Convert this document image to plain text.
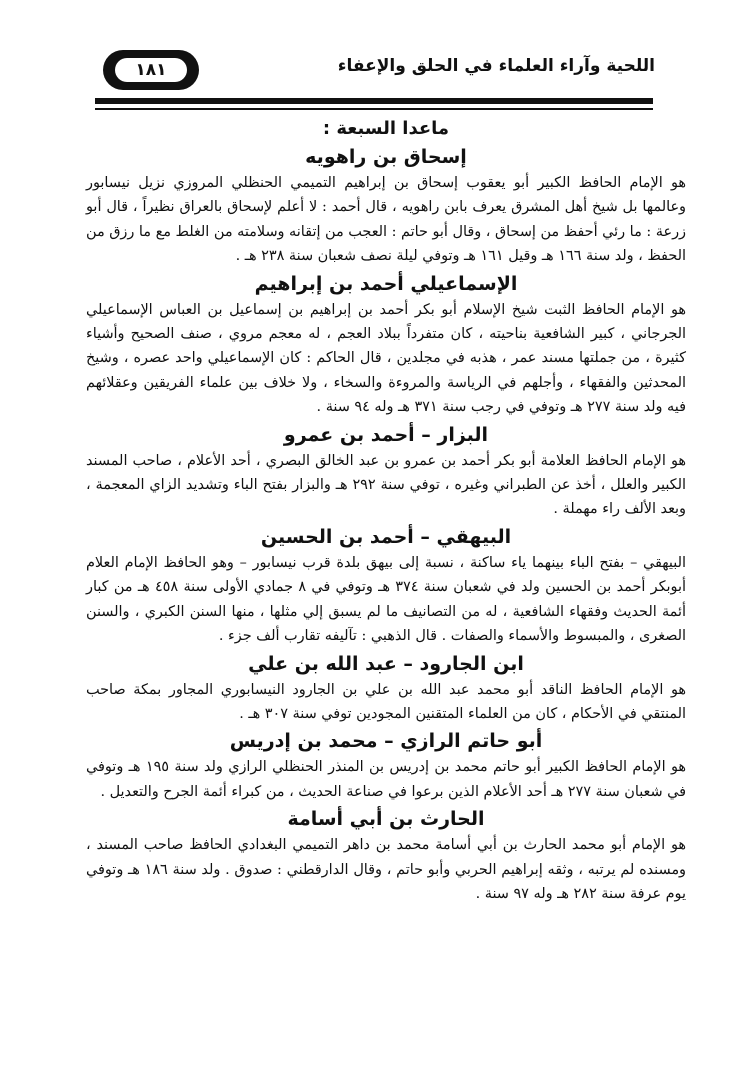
اللحية وآراء العلماء في الحلق والإعفاء
١٨١
ماعدا السبعة :
إسحاق بن راهويه
هو الإمام الحافظ الكبير أبو يعقوب إسحاق بن إبراهيم التميمي الحنظلي المروزي نزيل نيسابور وعالمها بل شيخ أهل المشرق يعرف بابن راهويه ، قال أحمد : لا أعلم لإسحاق بالعراق نظيراً ، قال أبو زرعة : ما رئي أحفظ من إسحاق ، وقال أبو حاتم : العجب من إتقانه وسلامته من الغلط مع ما رزق من الحفظ ، ولد سنة ١٦٦ هـ وقيل ١٦١ هـ وتوفي ليلة نصف شعبان سنة ٢٣٨ هـ .
الإسماعيلي أحمد بن إبراهيم
هو الإمام الحافظ الثبت شيخ الإسلام أبو بكر أحمد بن إبراهيم بن إسماعيل بن العباس الإسماعيلي الجرجاني ، كبير الشافعية بناحيته ، كان متفرداً ببلاد العجم ، له معجم مروي ، صنف الصحيح وأشياء كثيرة ، من جملتها مسند عمر ، هذبه في مجلدين ، قال الحاكم : كان الإسماعيلي واحد عصره ، وشيخ المحدثين والفقهاء ، وأجلهم في الرياسة والمروءة والسخاء ، ولا خلاف بين علماء الفريقين وعقلائهم فيه ولد سنة ٢٧٧ هـ وتوفي في رجب سنة ٣٧١ هـ وله ٩٤ سنة .
البزار – أحمد بن عمرو
هو الإمام الحافظ العلامة أبو بكر أحمد بن عمرو بن عبد الخالق البصري ، أحد الأعلام ، صاحب المسند الكبير والعلل ، أخذ عن الطبراني وغيره ، توفي سنة ٢٩٢ هـ والبزار بفتح الباء وتشديد الزاي المعجمة ، وبعد الألف راء مهملة .
البيهقي – أحمد بن الحسين
البيهقي – بفتح الباء بينهما ياء ساكنة ، نسبة إلى بيهق بلدة قرب نيسابور – وهو الحافظ الإمام العلام أبوبكر أحمد بن الحسين ولد في شعبان سنة ٣٧٤ هـ وتوفي في ٨ جمادي الأولى سنة ٤٥٨ هـ من كبار أئمة الحديث وفقهاء الشافعية ، له من التصانيف ما لم يسبق إلي مثلها ، منها السنن الكبري ، والسنن الصغرى ، والمبسوط والأسماء والصفات . قال الذهبي : تآليفه تقارب ألف جزء .
ابن الجارود – عبد الله بن علي
هو الإمام الحافظ الناقد أبو محمد عبد الله بن علي بن الجارود النيسابوري المجاور بمكة صاحب المنتقي في الأحكام ، كان من العلماء المتقنين المجودين توفي سنة ٣٠٧ هـ .
أبو حاتم الرازي – محمد بن إدريس
هو الإمام الحافظ الكبير أبو حاتم محمد بن إدريس بن المنذر الحنظلي الرازي ولد سنة ١٩٥ هـ وتوفي في شعبان سنة ٢٧٧ هـ أحد الأعلام الذين برعوا في صناعة الحديث ، من كبراء أئمة الجرح والتعديل .
الحارث بن أبي أسامة
هو الإمام أبو محمد الحارث بن أبي أسامة محمد بن داهر التميمي البغدادي الحافظ صاحب المسند ، ومسنده لم يرتبه ، وثقه إبراهيم الحربي وأبو حاتم ، وقال الدارقطني : صدوق . ولد سنة ١٨٦ هـ وتوفي يوم عرفة سنة ٢٨٢ هـ وله ٩٧ سنة .
